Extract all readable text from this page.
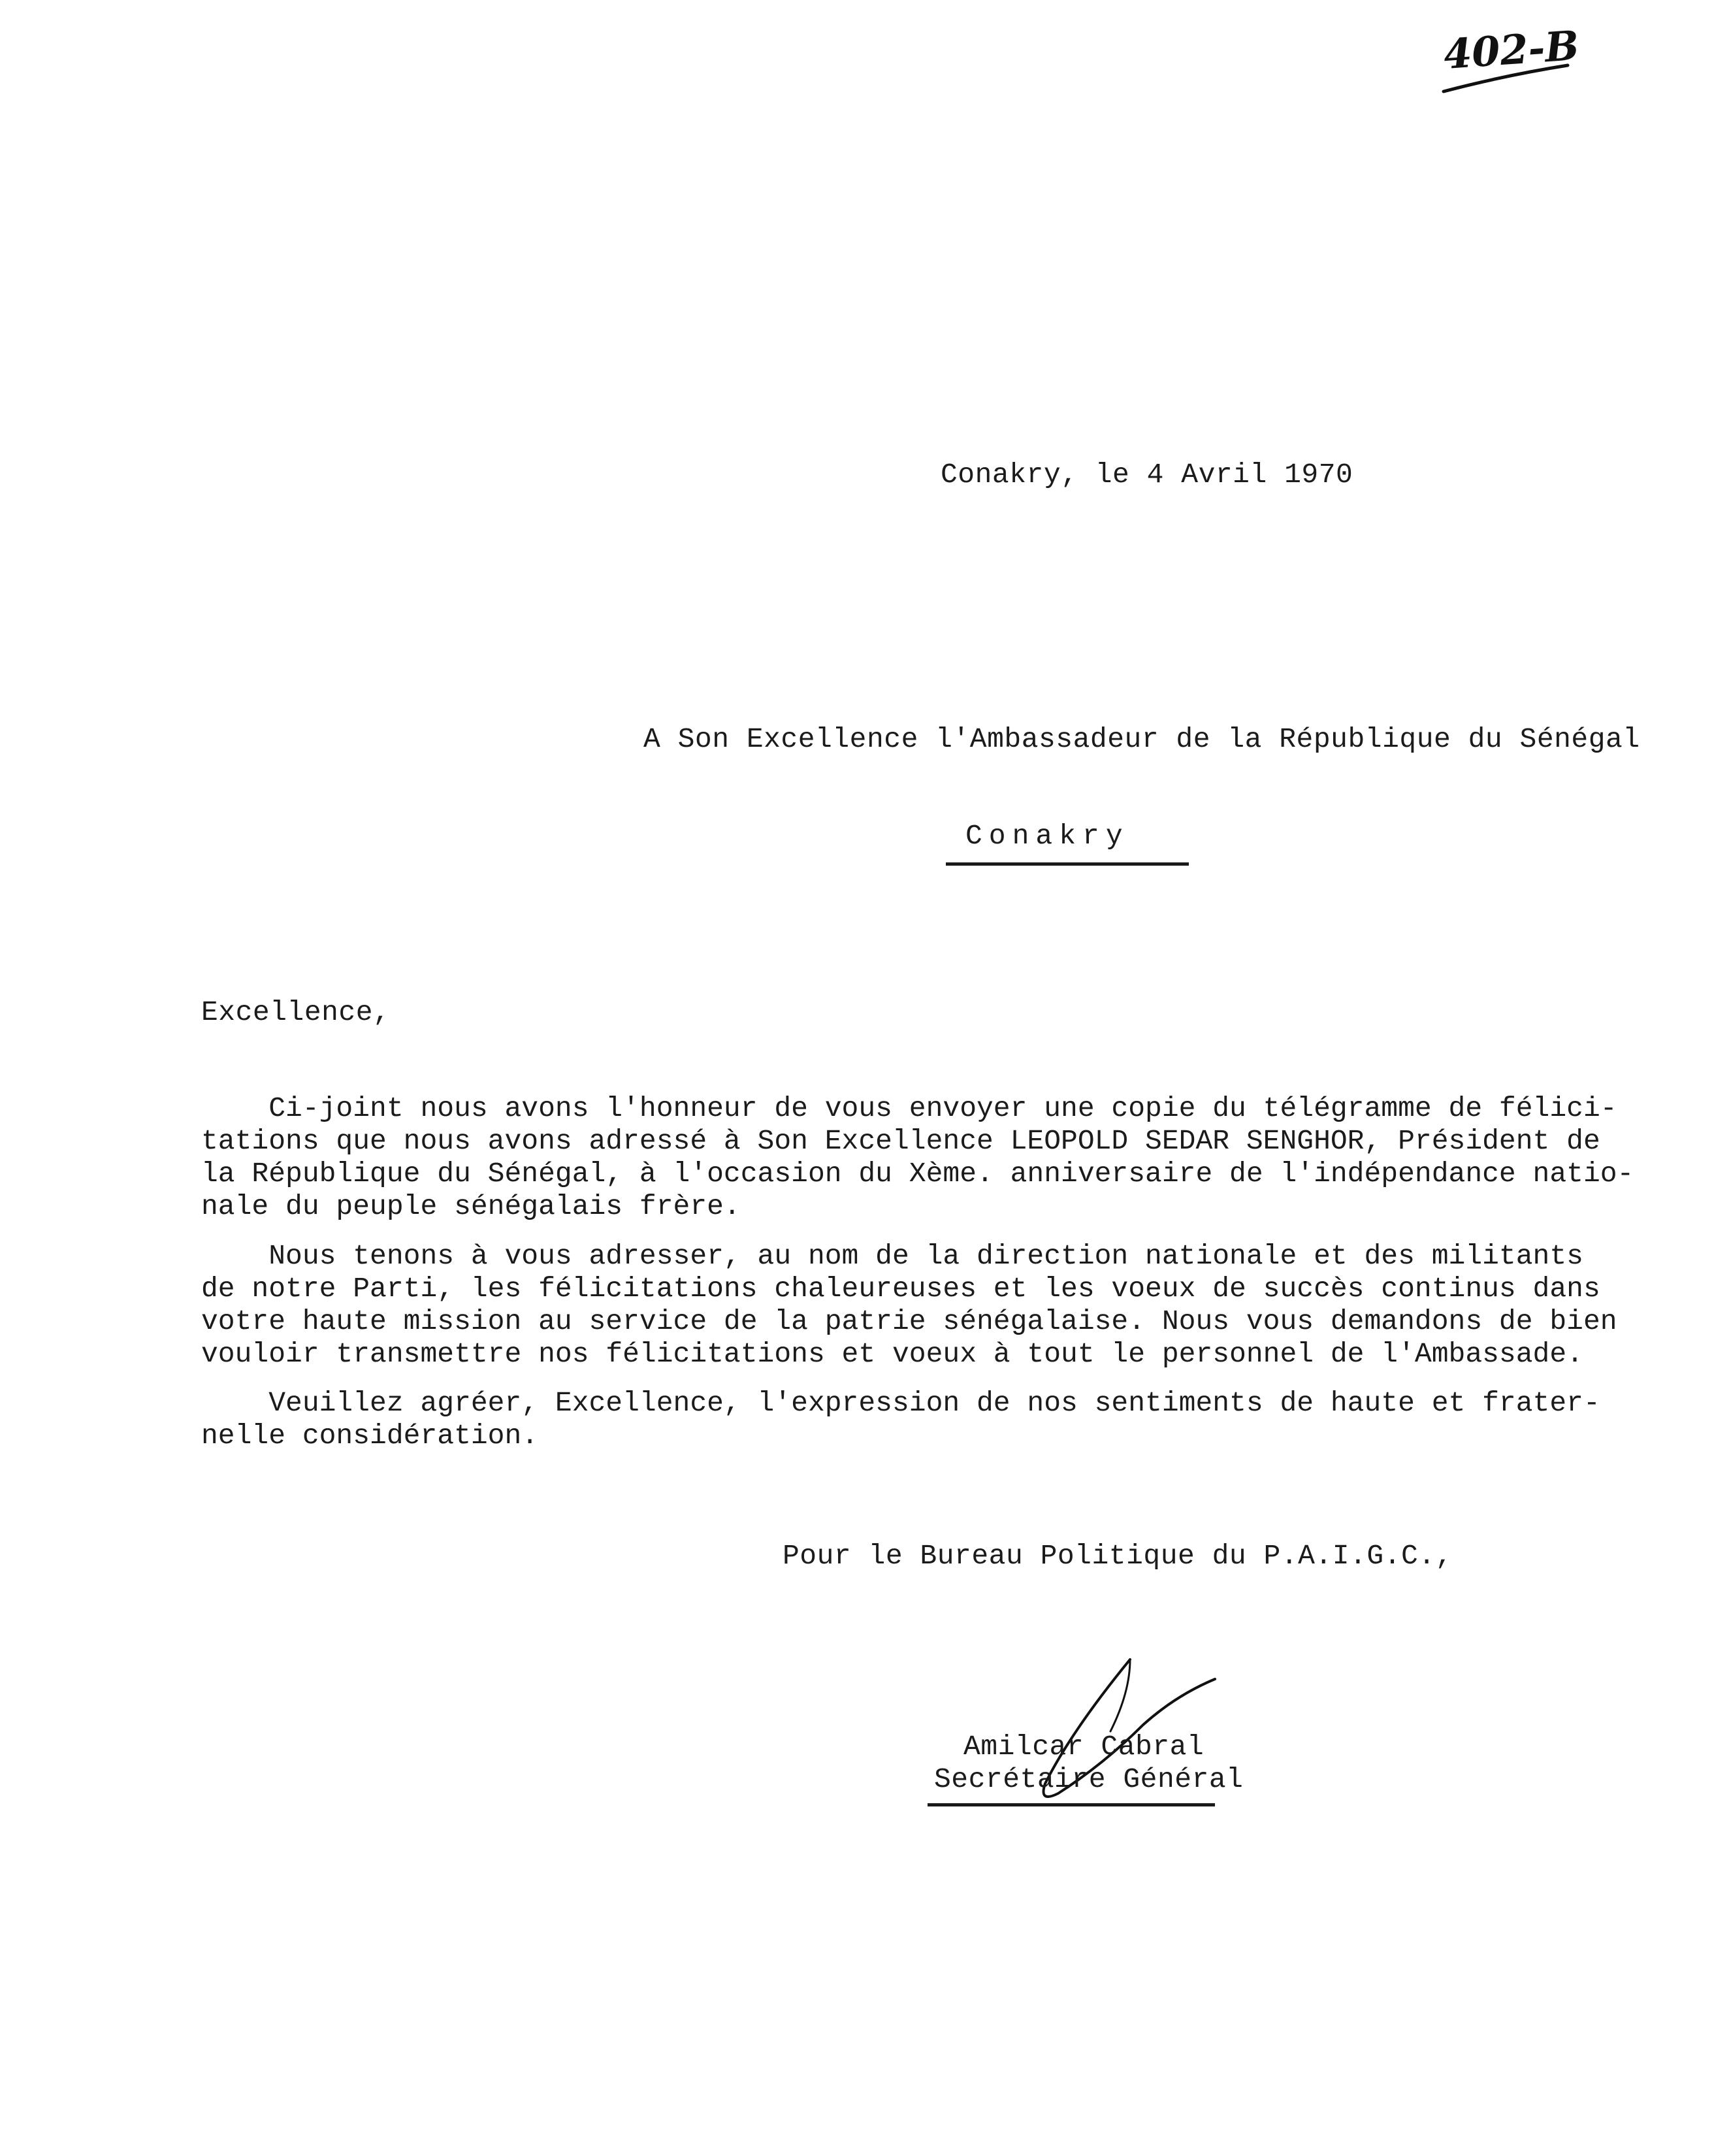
402-B
Conakry, le 4 Avril 1970
A Son Excellence l'Ambassadeur de la République du Sénégal
Conakry
Excellence,
Ci-joint nous avons l'honneur de vous envoyer une copie du télégramme de félici-
tations que nous avons adressé à Son Excellence LEOPOLD SEDAR SENGHOR, Président de
la République du Sénégal, à l'occasion du Xème. anniversaire de l'indépendance natio-
nale du peuple sénégalais frère.
Nous tenons à vous adresser, au nom de la direction nationale et des militants
de notre Parti, les félicitations chaleureuses et les voeux de succès continus dans
votre haute mission au service de la patrie sénégalaise. Nous vous demandons de bien
vouloir transmettre nos félicitations et voeux à tout le personnel de l'Ambassade.
Veuillez agréer, Excellence, l'expression de nos sentiments de haute et frater-
nelle considération.
Pour le Bureau Politique du P.A.I.G.C.,
Amilcar Cabral
Secrétaire Général
